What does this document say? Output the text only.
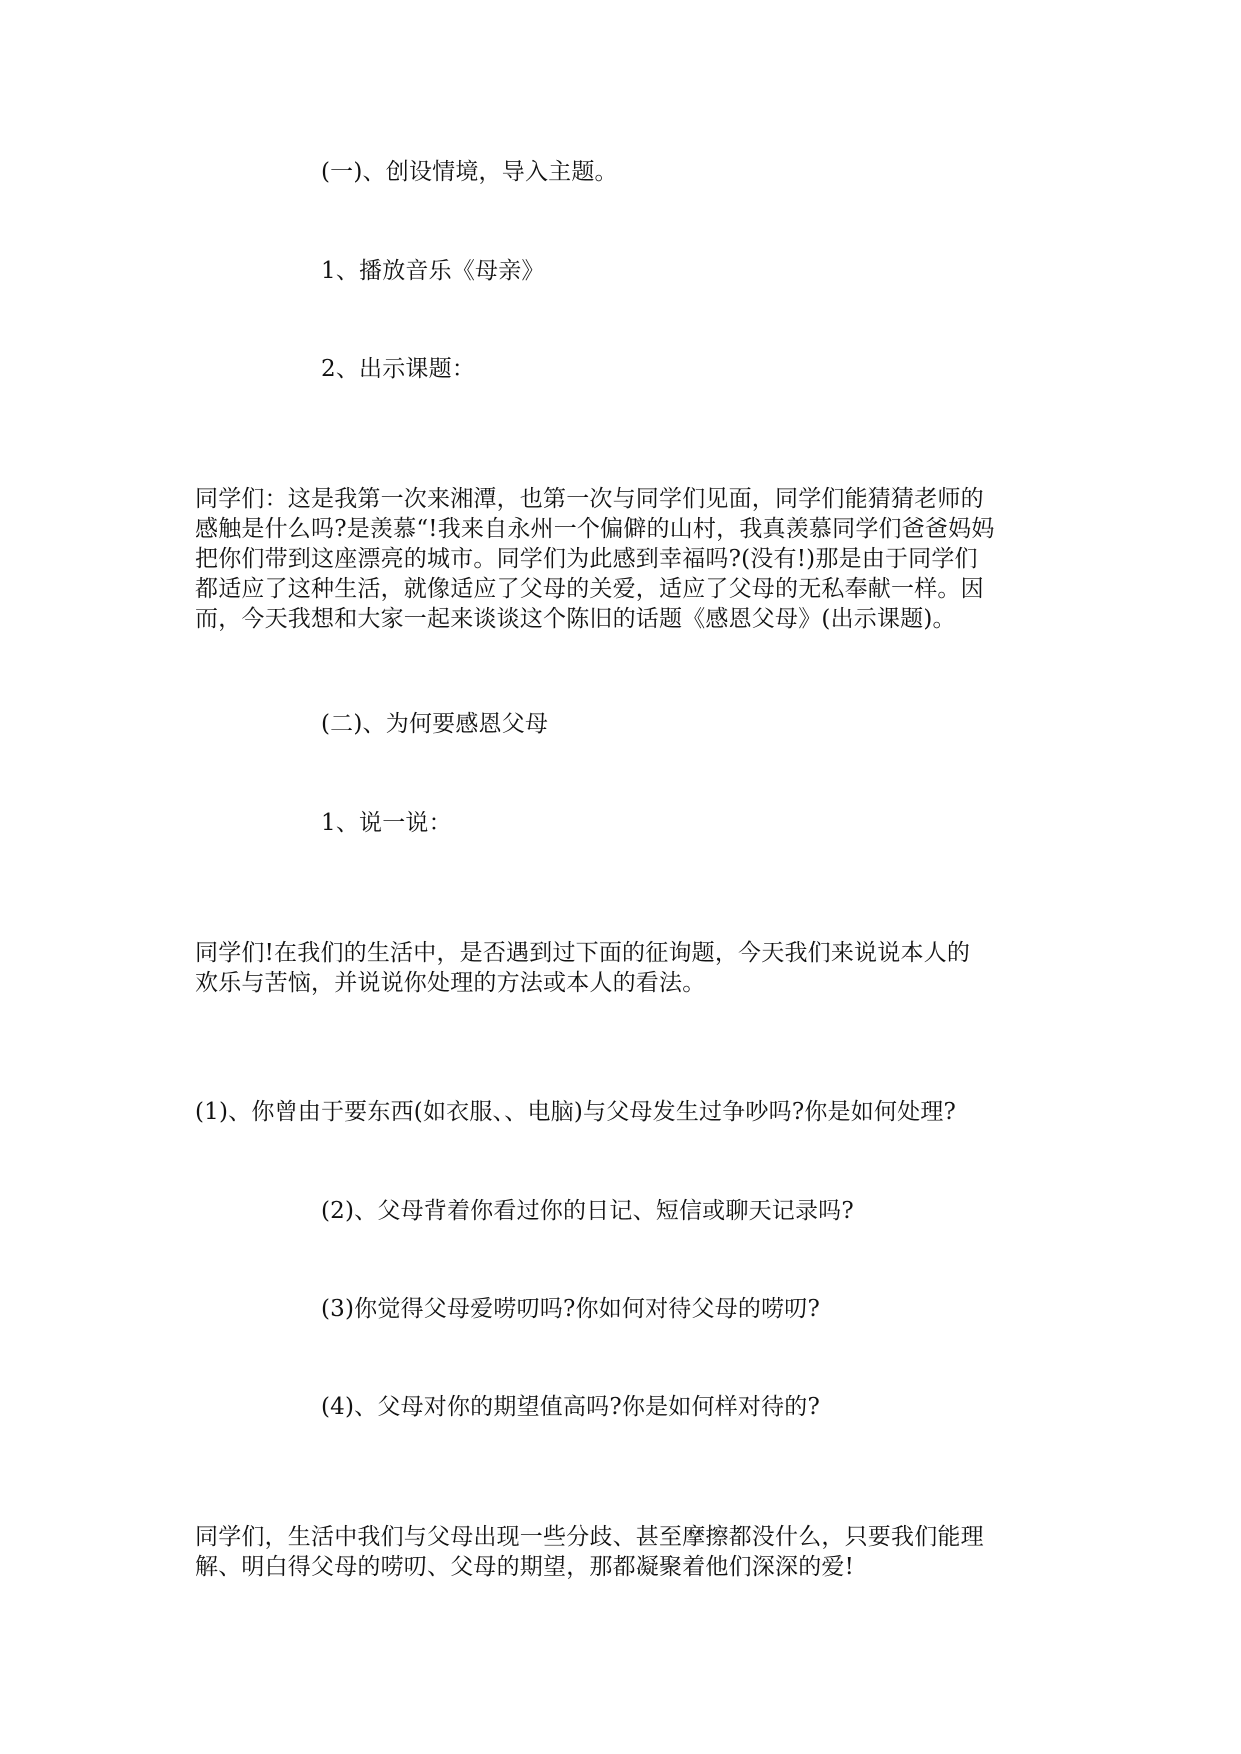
(一)、创设情境，导入主题。
1、播放音乐《母亲》
2、出示课题：
同学们：这是我第一次来湘潭，也第一次与同学们见面，同学们能猜猜老师的
感触是什么吗?是羡慕“!我来自永州一个偏僻的山村，我真羡慕同学们爸爸妈妈
把你们带到这座漂亮的城市。同学们为此感到幸福吗?(没有!)那是由于同学们
都适应了这种生活，就像适应了父母的关爱，适应了父母的无私奉献一样。因
而，今天我想和大家一起来谈谈这个陈旧的话题《感恩父母》(出示课题)。
(二)、为何要感恩父母
1、说一说：
同学们!在我们的生活中，是否遇到过下面的征询题，今天我们来说说本人的
欢乐与苦恼，并说说你处理的方法或本人的看法。
(1)、你曾由于要东西(如衣服、、电脑)与父母发生过争吵吗?你是如何处理?
(2)、父母背着你看过你的日记、短信或聊天记录吗?
(3)你觉得父母爱唠叨吗?你如何对待父母的唠叨?
(4)、父母对你的期望值高吗?你是如何样对待的?
同学们，生活中我们与父母出现一些分歧、甚至摩擦都没什么，只要我们能理
解、明白得父母的唠叨、父母的期望，那都凝聚着他们深深的爱!
